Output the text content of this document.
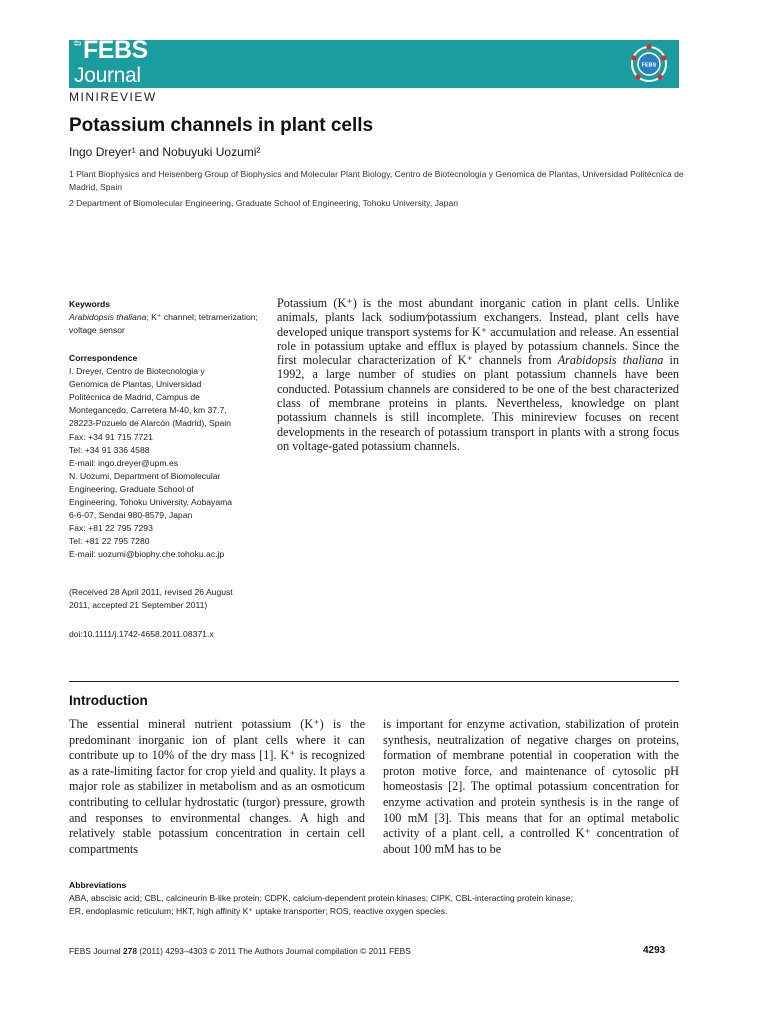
the FEBS
Journal	FEBS
MINIREVIEW
Potassium channels in plant cells
Ingo Dreyer¹ and Nobuyuki Uozumi²
1 Plant Biophysics and Heisenberg Group of Biophysics and Molecular Plant Biology, Centro de Biotecnologia y Genomica de Plantas, Universidad Politécnica de Madrid, Spain
2 Department of Biomolecular Engineering, Graduate School of Engineering, Tohoku University, Japan
Keywords
Arabidopsis thaliana; K⁺ channel; tetramerization; voltage sensor
Correspondence
I. Dreyer, Centro de Biotecnologia y
Genomica de Plantas, Universidad
Politécnica de Madrid, Campus de
Montegancedo, Carretera M-40, km 37.7,
28223-Pozuelo de Alarcón (Madrid), Spain
Fax: +34 91 715 7721
Tel: +34 91 336 4588
E-mail: ingo.dreyer@upm.es
N. Uozumi, Department of Biomolecular
Engineering, Graduate School of
Engineering, Tohoku University, Aobayama
6-6-07, Sendai 980-8579, Japan
Fax: +81 22 795 7293
Tel: +81 22 795 7280
E-mail: uozumi@biophy.che.tohoku.ac.jp
(Received 28 April 2011, revised 26 August
2011, accepted 21 September 2011)
doi:10.1111/j.1742-4658.2011.08371.x

Potassium (K⁺) is the most abundant inorganic cation in plant cells. Unlike animals, plants lack sodium⁄potassium exchangers. Instead, plant cells have developed unique transport systems for K⁺ accumulation and release. An essential role in potassium uptake and efflux is played by potassium channels. Since the first molecular characterization of K⁺ channels from Arabidopsis thaliana in 1992, a large number of studies on plant potassium channels have been conducted. Potassium channels are considered to be one of the best characterized class of membrane proteins in plants. Nevertheless, knowledge on plant potassium channels is still incomplete. This minireview focuses on recent developments in the research of potassium transport in plants with a strong focus on voltage-gated potassium channels.

Introduction

The essential mineral nutrient potassium (K⁺) is the predominant inorganic ion of plant cells where it can contribute up to 10% of the dry mass [1]. K⁺ is recognized as a rate-limiting factor for crop yield and quality. It plays a major role as stabilizer in metabolism and as an osmoticum contributing to cellular hydrostatic (turgor) pressure, growth and responses to environmental changes. A high and relatively stable potassium concentration in certain cell compartments

is important for enzyme activation, stabilization of protein synthesis, neutralization of negative charges on proteins, formation of membrane potential in cooperation with the proton motive force, and maintenance of cytosolic pH homeostasis [2]. The optimal potassium concentration for enzyme activation and protein synthesis is in the range of 100 mM [3]. This means that for an optimal metabolic activity of a plant cell, a controlled K⁺ concentration of about 100 mM has to be

Abbreviations
ABA, abscisic acid; CBL, calcineurin B-like protein; CDPK, calcium-dependent protein kinases; CIPK, CBL-interacting protein kinase;
ER, endoplasmic reticulum; HKT, high affinity K⁺ uptake transporter; ROS, reactive oxygen species.
FEBS Journal 278 (2011) 4293–4303 © 2011 The Authors Journal compilation © 2011 FEBS	4293
